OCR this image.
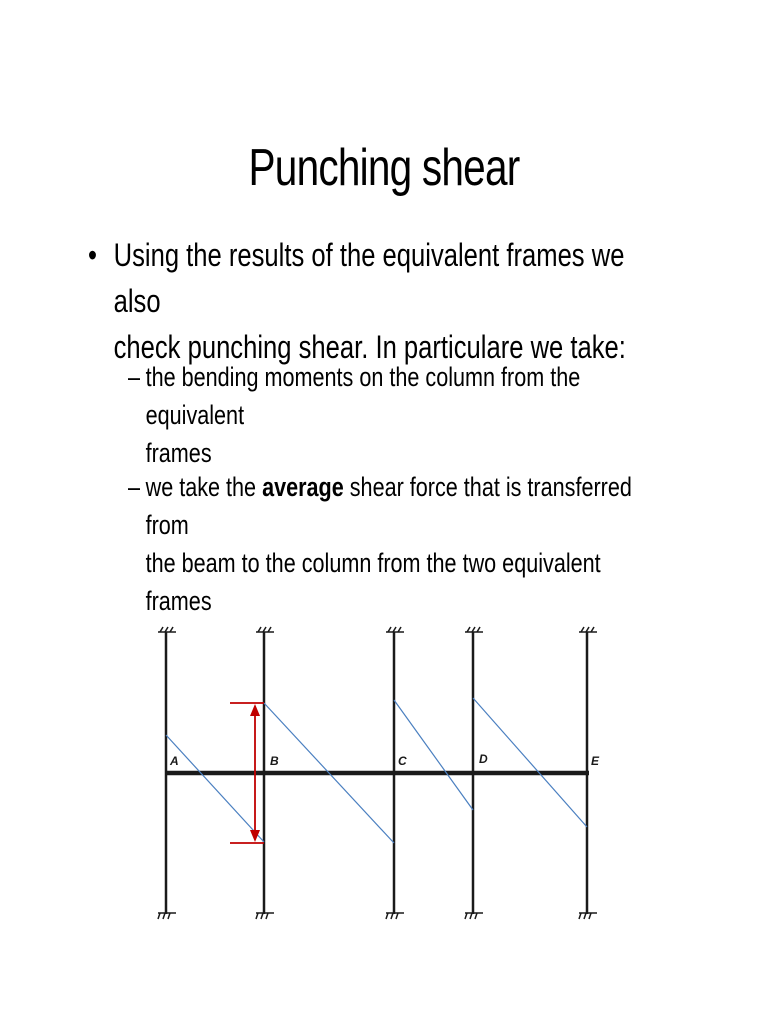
Punching shear
• Using the results of the equivalent frames we also
check punching shear. In particulare we take:
– the bending moments on the column from the equivalent
frames
– we take the average shear force that is transferred from
the beam to the column from the two equivalent frames
A	B	C	D	E
